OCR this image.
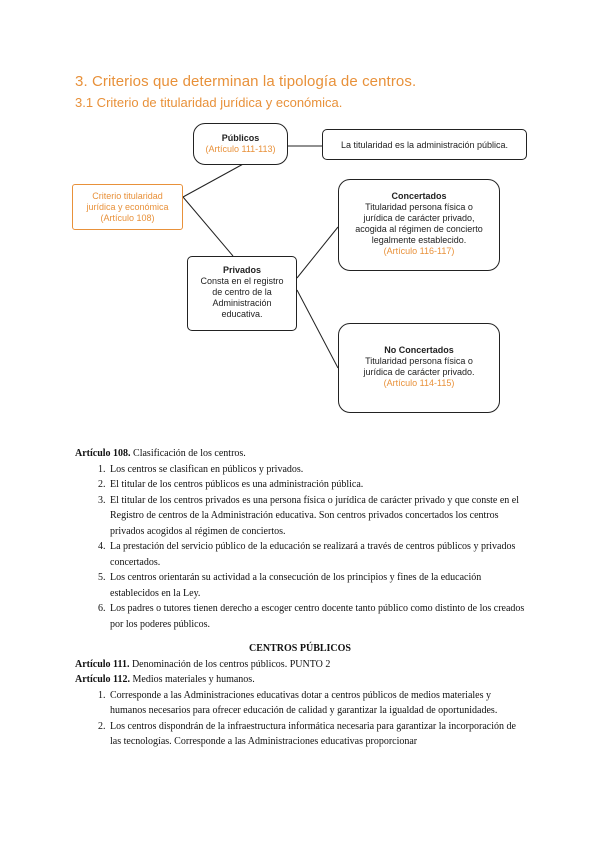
3. Criterios que determinan la tipología de centros.
3.1 Criterio de titularidad jurídica y económica.
Públicos
(Artículo 111-113)	La titularidad es la administración pública.
Criterio titularidad
jurídica y económica
(Artículo 108)
Concertados
Titularidad persona física o
jurídica de carácter privado,
acogida al régimen de concierto
legalmente establecido.
(Artículo 116-117)
Privados
Consta en el registro
de centro de la
Administración
educativa.
No Concertados
Titularidad persona física o
jurídica de carácter privado.
(Artículo 114-115)

Artículo 108. Clasificación de los centros.

1. Los centros se clasifican en públicos y privados.
2. El titular de los centros públicos es una administración pública.
3. El titular de los centros privados es una persona física o jurídica de carácter privado y que conste en el Registro de centros de la Administración educativa. Son centros privados concertados los centros privados acogidos al régimen de conciertos.
4. La prestación del servicio público de la educación se realizará a través de centros públicos y privados concertados.
5. Los centros orientarán su actividad a la consecución de los principios y fines de la educación establecidos en la Ley.
6. Los padres o tutores tienen derecho a escoger centro docente tanto público como distinto de los creados por los poderes públicos.

CENTROS PÚBLICOS

Artículo 111. Denominación de los centros públicos. PUNTO 2

Artículo 112. Medios materiales y humanos.

1. Corresponde a las Administraciones educativas dotar a centros públicos de medios materiales y humanos necesarios para ofrecer educación de calidad y garantizar la igualdad de oportunidades.
2. Los centros dispondrán de la infraestructura informática necesaria para garantizar la incorporación de las tecnologías. Corresponde a las Administraciones educativas proporcionar
